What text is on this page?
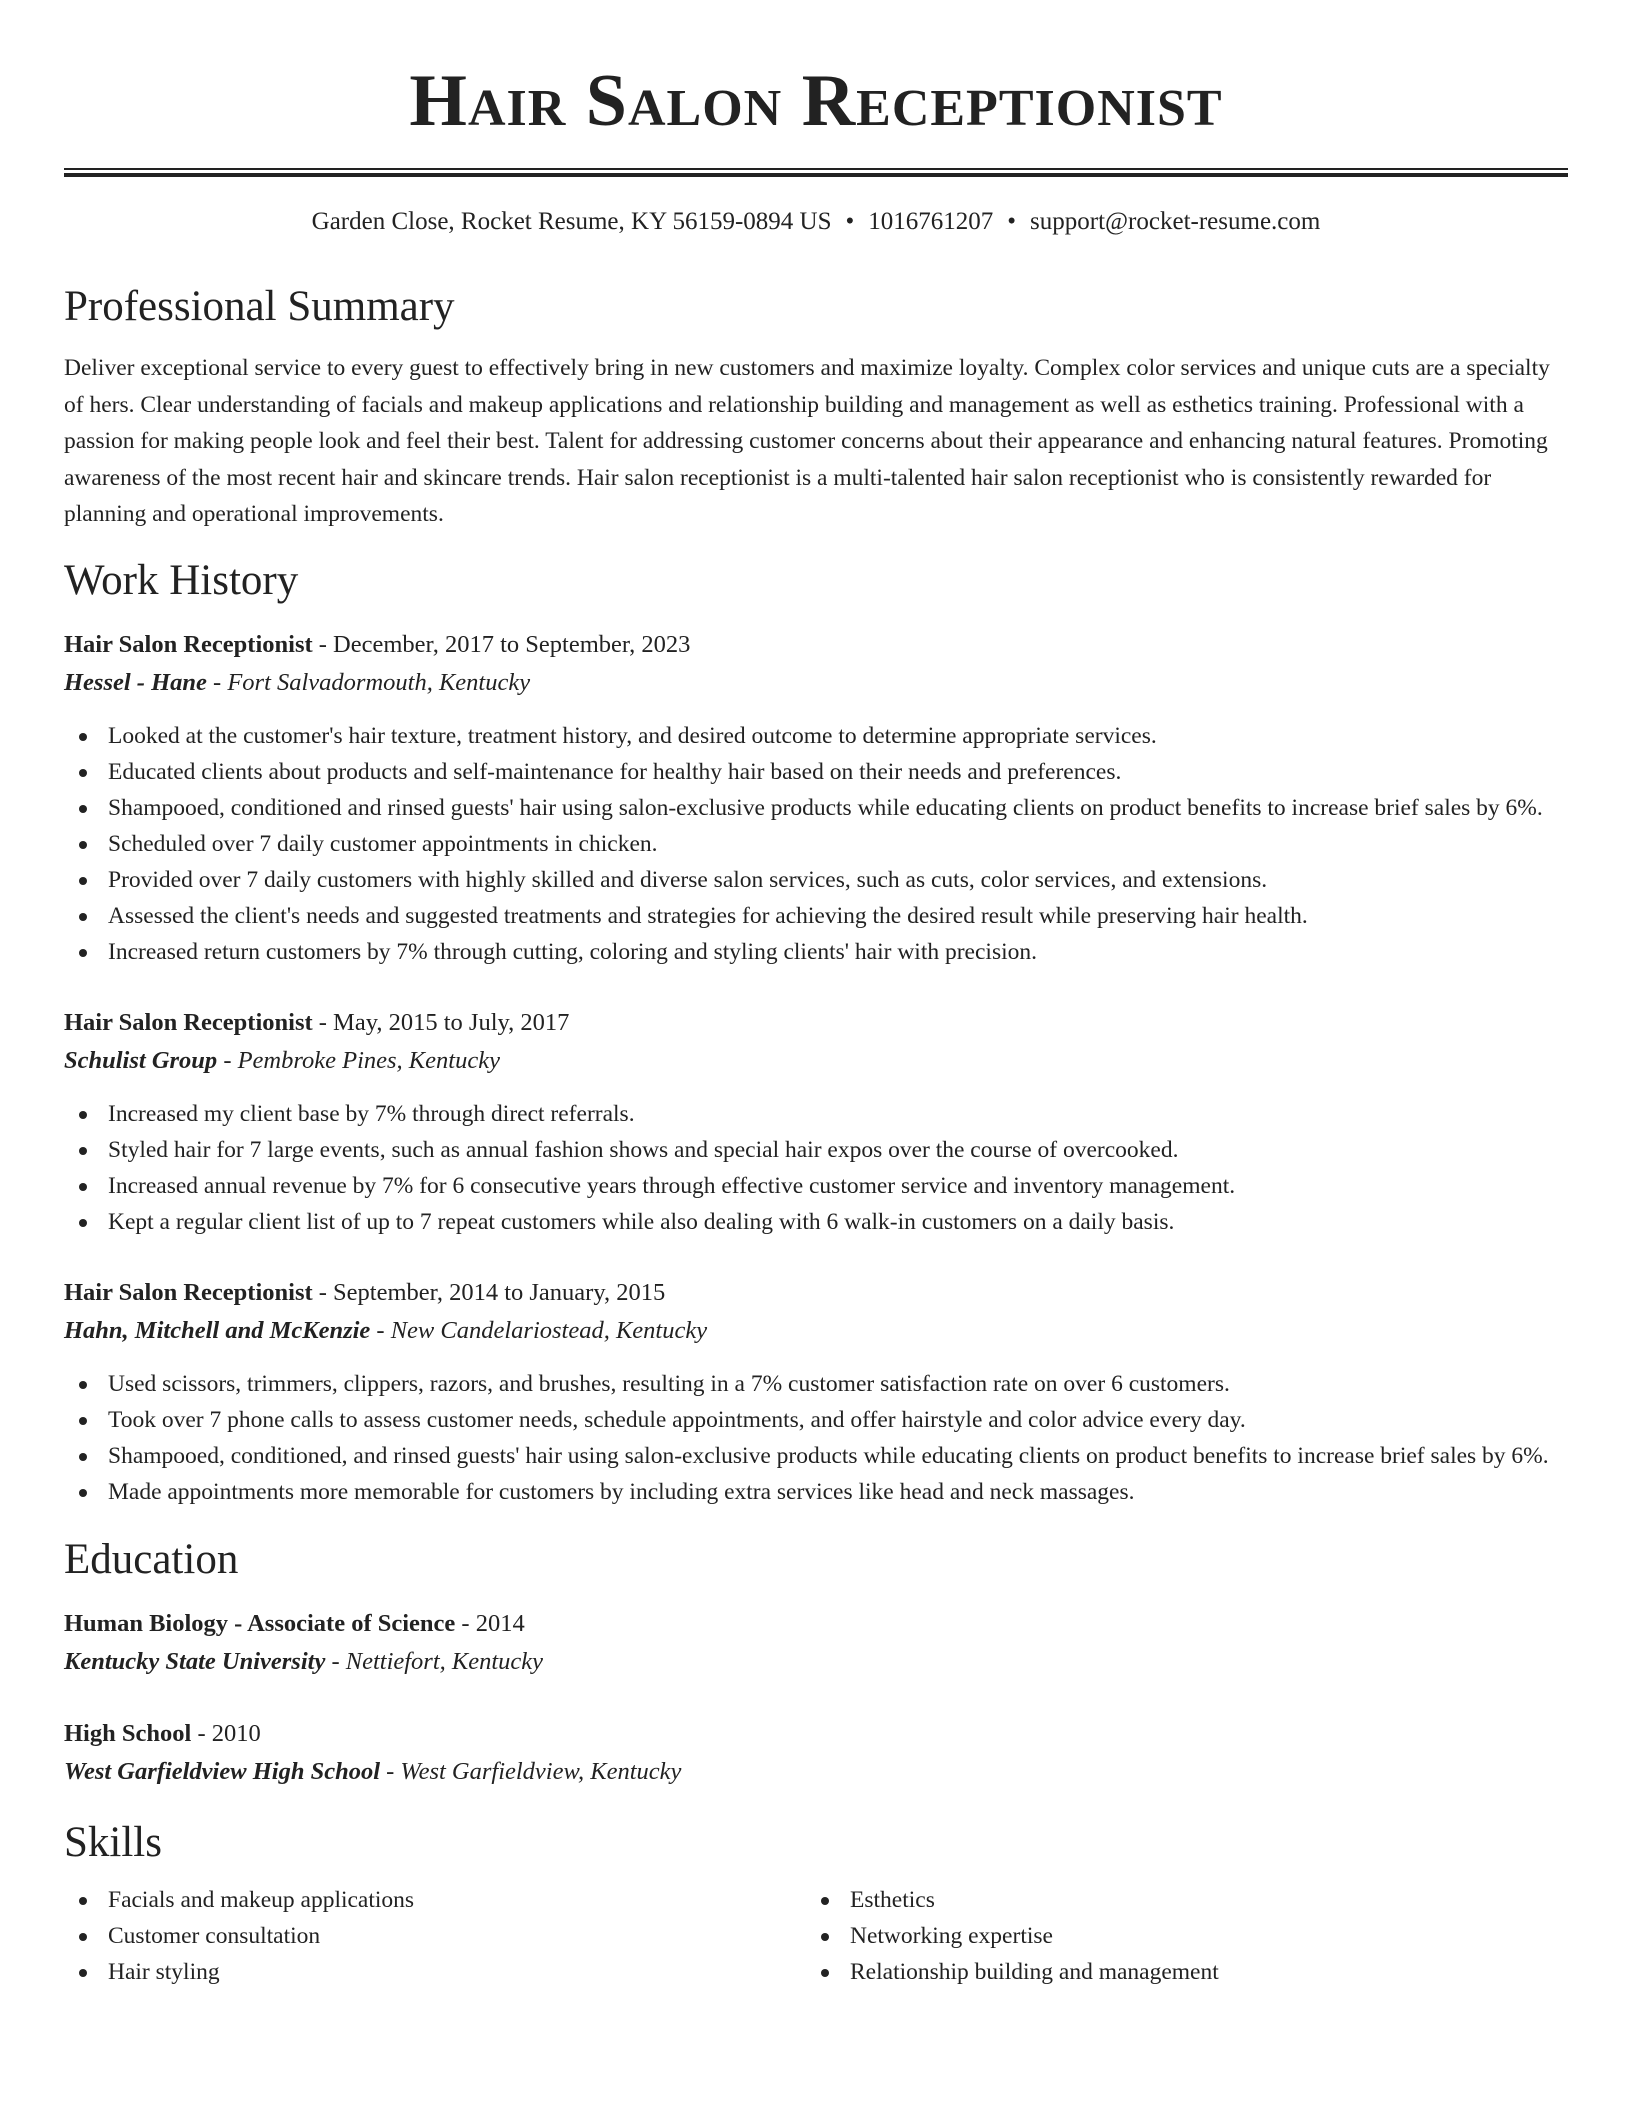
Hair Salon Receptionist
Garden Close, Rocket Resume, KY 56159-0894 US • 1016761207 • support@rocket-resume.com
Professional Summary

Deliver exceptional service to every guest to effectively bring in new customers and maximize loyalty. Complex color services and unique cuts are a specialty of hers. Clear understanding of facials and makeup applications and relationship building and management as well as esthetics training. Professional with a passion for making people look and feel their best. Talent for addressing customer concerns about their appearance and enhancing natural features. Promoting awareness of the most recent hair and skincare trends. Hair salon receptionist is a multi-talented hair salon receptionist who is consistently rewarded for planning and operational improvements.

Work History
Hair Salon Receptionist - December, 2017 to September, 2023
Hessel - Hane - Fort Salvadormouth, Kentucky
Looked at the customer's hair texture, treatment history, and desired outcome to determine appropriate services.
Educated clients about products and self-maintenance for healthy hair based on their needs and preferences.
Shampooed, conditioned and rinsed guests' hair using salon-exclusive products while educating clients on product benefits to increase brief sales by 6%.
Scheduled over 7 daily customer appointments in chicken.
Provided over 7 daily customers with highly skilled and diverse salon services, such as cuts, color services, and extensions.
Assessed the client's needs and suggested treatments and strategies for achieving the desired result while preserving hair health.
Increased return customers by 7% through cutting, coloring and styling clients' hair with precision.
Hair Salon Receptionist - May, 2015 to July, 2017
Schulist Group - Pembroke Pines, Kentucky
Increased my client base by 7% through direct referrals.
Styled hair for 7 large events, such as annual fashion shows and special hair expos over the course of overcooked.
Increased annual revenue by 7% for 6 consecutive years through effective customer service and inventory management.
Kept a regular client list of up to 7 repeat customers while also dealing with 6 walk-in customers on a daily basis.
Hair Salon Receptionist - September, 2014 to January, 2015
Hahn, Mitchell and McKenzie - New Candelariostead, Kentucky
Used scissors, trimmers, clippers, razors, and brushes, resulting in a 7% customer satisfaction rate on over 6 customers.
Took over 7 phone calls to assess customer needs, schedule appointments, and offer hairstyle and color advice every day.
Shampooed, conditioned, and rinsed guests' hair using salon-exclusive products while educating clients on product benefits to increase brief sales by 6%.
Made appointments more memorable for customers by including extra services like head and neck massages.
Education
Human Biology - Associate of Science - 2014
Kentucky State University - Nettiefort, Kentucky
High School - 2010
West Garfieldview High School - West Garfieldview, Kentucky
Skills
Facials and makeup applications
Customer consultation
Hair styling
Esthetics
Networking expertise
Relationship building and management
